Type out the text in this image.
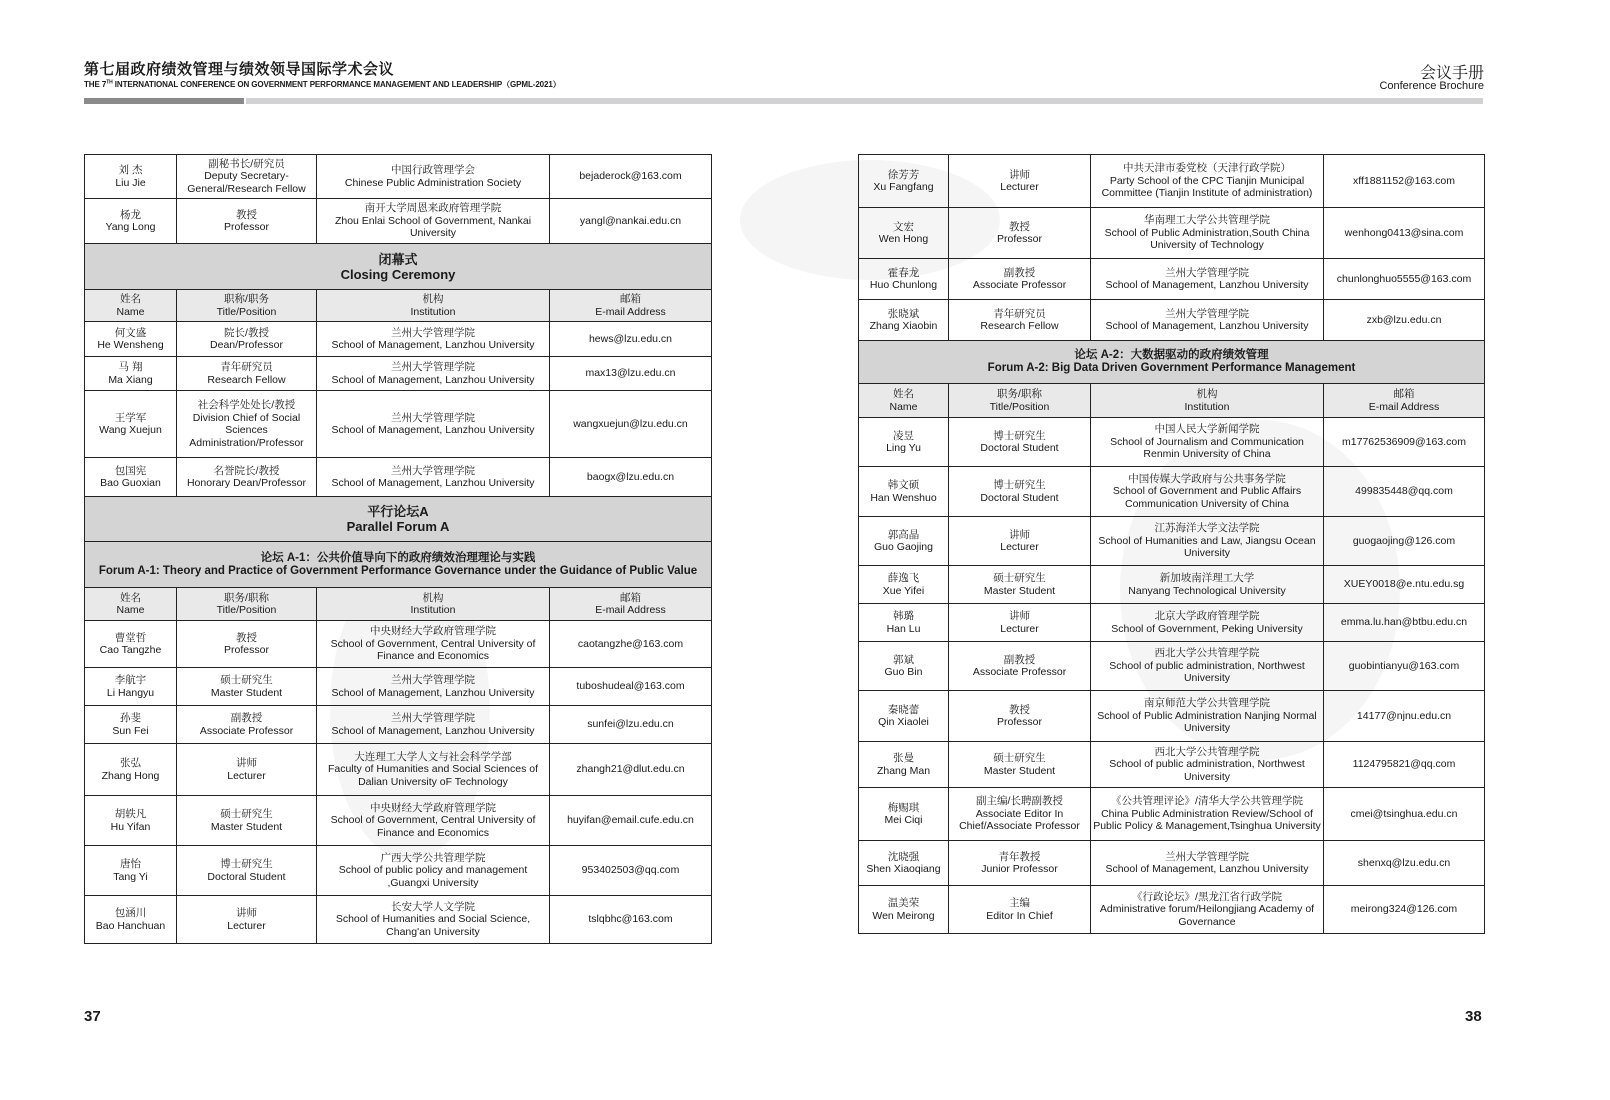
第七届政府绩效管理与绩效领导国际学术会议
THE 7TH INTERNATIONAL CONFERENCE ON GOVERNMENT PERFORMANCE MANAGEMENT AND LEADERSHIP（GPML-2021）
会议手册
Conference Brochure
刘 杰
Liu Jie	副秘书长/研究员
Deputy Secretary-General/Research Fellow	中国行政管理学会
Chinese Public Administration Society	bejaderock@163.com

杨龙
Yang Long	教授
Professor	南开大学周恩来政府管理学院
Zhou Enlai School of Government, Nankai University	yangl@nankai.edu.cn

闭幕式
Closing Ceremony			

姓名
Name	职称/职务
Title/Position	机构
Institution	邮箱
E-mail Address

何文盛
He Wensheng	院长/教授
Dean/Professor	兰州大学管理学院
School of Management, Lanzhou University	hews@lzu.edu.cn

马 翔
Ma Xiang	青年研究员
Research Fellow	兰州大学管理学院
School of Management, Lanzhou University	max13@lzu.edu.cn

王学军
Wang Xuejun	社会科学处处长/教授
Division Chief of Social Sciences Administration/Professor	兰州大学管理学院
School of Management, Lanzhou University	wangxuejun@lzu.edu.cn

包国宪
Bao Guoxian	名誉院长/教授
Honorary Dean/Professor	兰州大学管理学院
School of Management, Lanzhou University	baogx@lzu.edu.cn

平行论坛A
Parallel Forum A			

论坛 A-1：公共价值导向下的政府绩效治理理论与实践
Forum A-1: Theory and Practice of Government Performance Governance under the Guidance of Public Value			

姓名
Name	职务/职称
Title/Position	机构
Institution	邮箱
E-mail Address

曹堂哲
Cao Tangzhe	教授
Professor	中央财经大学政府管理学院
School of Government, Central University of Finance and Economics	caotangzhe@163.com

李航宇
Li Hangyu	硕士研究生
Master Student	兰州大学管理学院
School of Management, Lanzhou University	tuboshudeal@163.com

孙斐
Sun Fei	副教授
Associate Professor	兰州大学管理学院
School of Management, Lanzhou University	sunfei@lzu.edu.cn

张弘
Zhang Hong	讲师
Lecturer	大连理工大学人文与社会科学学部
Faculty of Humanities and Social Sciences of Dalian University oF Technology	zhangh21@dlut.edu.cn

胡轶凡
Hu Yifan	硕士研究生
Master Student	中央财经大学政府管理学院
School of Government, Central University of Finance and Economics	huyifan@email.cufe.edu.cn

唐怡
Tang Yi	博士研究生
Doctoral Student	广西大学公共管理学院
School of public policy and management ,Guangxi University	953402503@qq.com

包涵川
Bao Hanchuan	讲师
Lecturer	长安大学人文学院
School of Humanities and Social Science, Chang'an University	tslqbhc@163.com
徐芳芳
Xu Fangfang	讲师
Lecturer	中共天津市委党校（天津行政学院）
Party School of the CPC Tianjin Municipal Committee (Tianjin Institute of administration)	xff1881152@163.com

文宏
Wen Hong	教授
Professor	华南理工大学公共管理学院
School of Public Administration,South China University of Technology	wenhong0413@sina.com

霍春龙
Huo Chunlong	副教授
Associate Professor	兰州大学管理学院
School of Management, Lanzhou University	chunlonghuo5555@163.com

张晓斌
Zhang Xiaobin	青年研究员
Research Fellow	兰州大学管理学院
School of Management, Lanzhou University	zxb@lzu.edu.cn

论坛 A-2：大数据驱动的政府绩效管理
Forum A-2: Big Data Driven Government Performance Management			

姓名
Name	职务/职称
Title/Position	机构
Institution	邮箱
E-mail Address

凌昱
Ling Yu	博士研究生
Doctoral Student	中国人民大学新闻学院
School of Journalism and Communication Renmin University of China	m17762536909@163.com

韩文硕
Han Wenshuo	博士研究生
Doctoral Student	中国传媒大学政府与公共事务学院
School of Government and Public Affairs Communication University of China	499835448@qq.com

郭高晶
Guo Gaojing	讲师
Lecturer	江苏海洋大学文法学院
School of Humanities and Law, Jiangsu Ocean University	guogaojing@126.com

薛逸飞
Xue Yifei	硕士研究生
Master Student	新加坡南洋理工大学
Nanyang Technological University	XUEY0018@e.ntu.edu.sg

韩璐
Han Lu	讲师
Lecturer	北京大学政府管理学院
School of Government, Peking University	emma.lu.han@btbu.edu.cn

郭斌
Guo Bin	副教授
Associate Professor	西北大学公共管理学院
School of public administration, Northwest University	guobintianyu@163.com

秦晓蕾
Qin Xiaolei	教授
Professor	南京师范大学公共管理学院
School of Public Administration Nanjing Normal University	14177@njnu.edu.cn

张曼
Zhang Man	硕士研究生
Master Student	西北大学公共管理学院
School of public administration, Northwest University	1124795821@qq.com

梅赐琪
Mei Ciqi	副主编/长聘副教授
Associate Editor In Chief/Associate Professor	《公共管理评论》/清华大学公共管理学院
China Public Administration Review/School of Public Policy & Management,Tsinghua University	cmei@tsinghua.edu.cn

沈晓强
Shen Xiaoqiang	青年教授
Junior Professor	兰州大学管理学院
School of Management, Lanzhou University	shenxq@lzu.edu.cn

温美荣
Wen Meirong	主编
Editor In Chief	《行政论坛》/黑龙江省行政学院
Administrative forum/Heilongjiang Academy of Governance	meirong324@126.com
37	38
